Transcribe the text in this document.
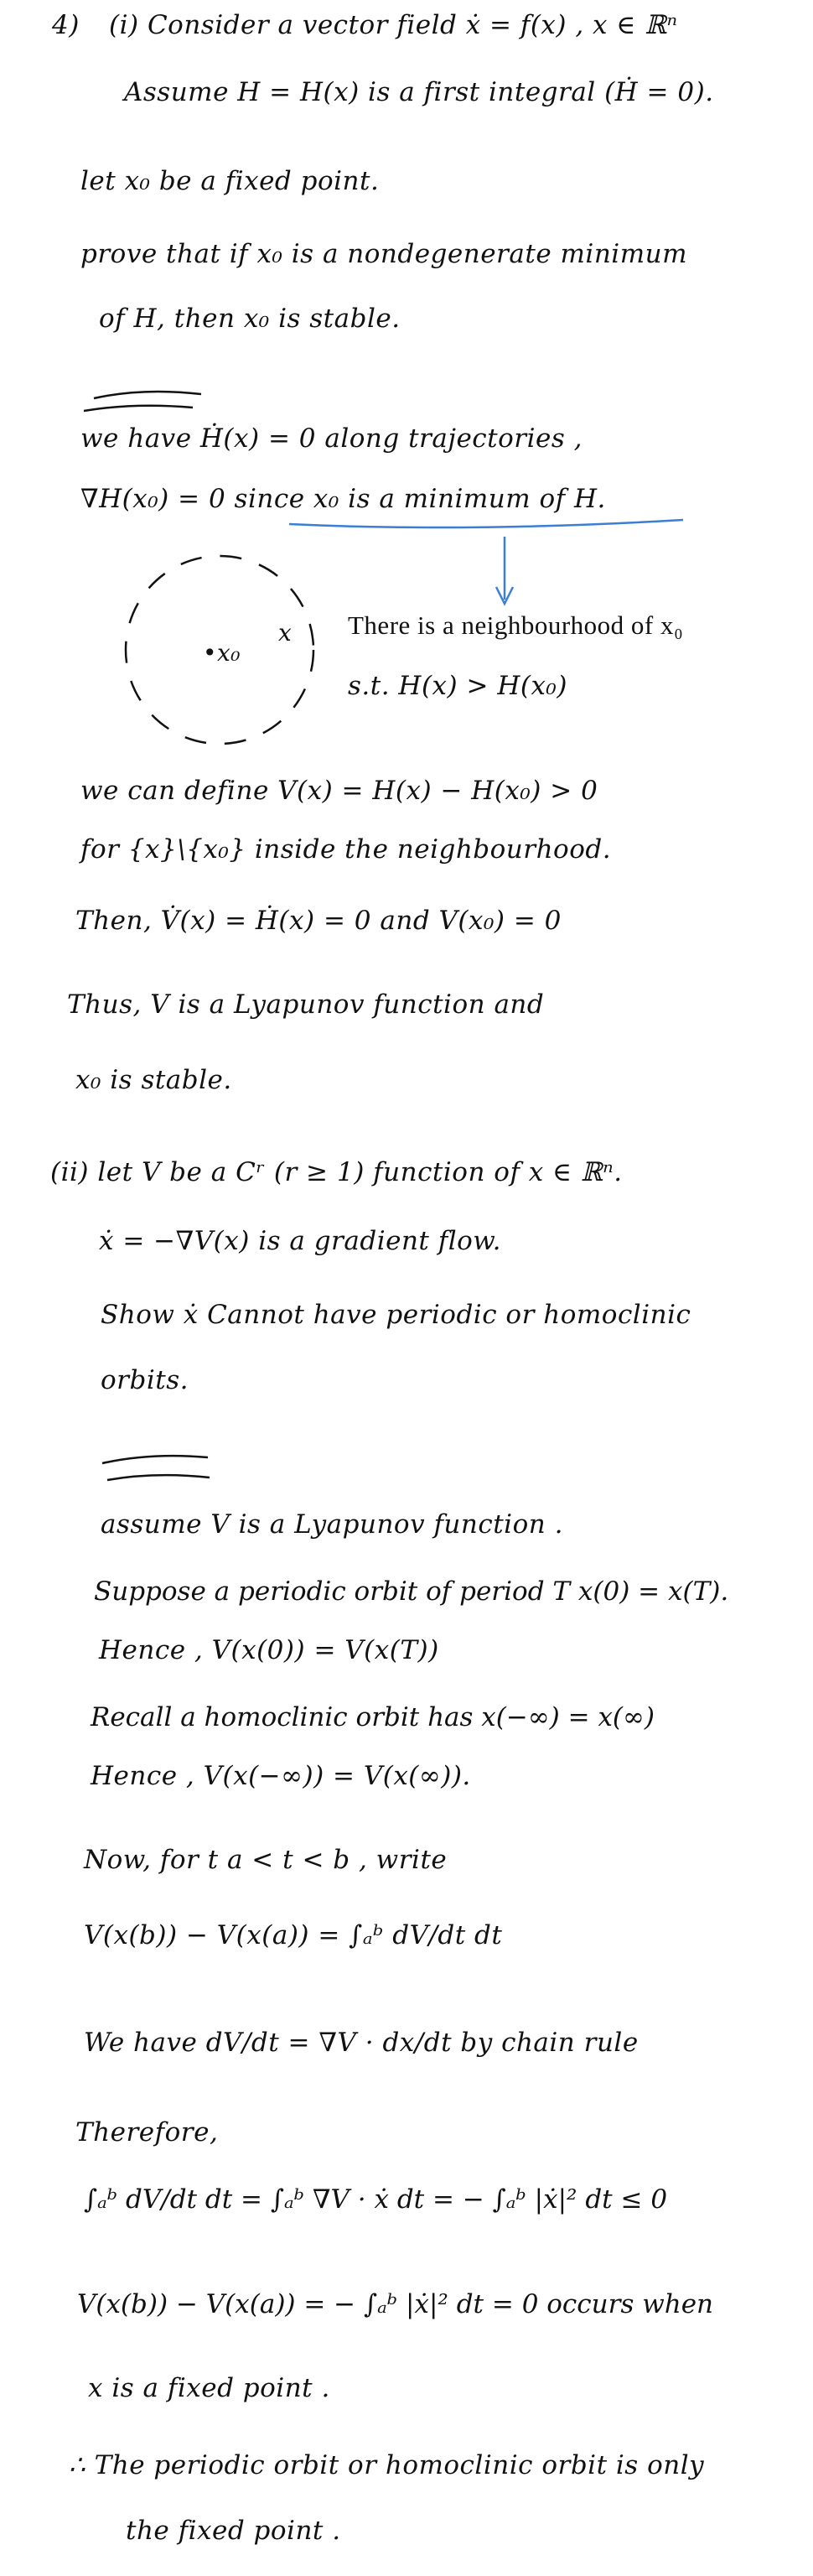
4) (i) Consider a vector field ẋ = f(x) , x ∈ ℝⁿ
Assume H = H(x) is a first integral (Ḣ = 0).
let x₀ be a fixed point.
prove that if x₀ is a nondegenerate minimum
of H, then x₀ is stable.
we have Ḣ(x) = 0 along trajectories ,
∇H(x₀) = 0 since x₀ is a minimum of H.
•x₀
x There is a neighbourhood of x₀
s.t. H(x) > H(x₀)
we can define V(x) = H(x) − H(x₀) > 0
for {x}\{x₀} inside the neighbourhood.
Then, V̇(x) = Ḣ(x) = 0 and V(x₀) = 0
Thus, V is a Lyapunov function and
x₀ is stable.
(ii) let V be a Cʳ (r ≥ 1) function of x ∈ ℝⁿ.
ẋ = −∇V(x) is a gradient flow.
Show ẋ Cannot have periodic or homoclinic
orbits.
assume V is a Lyapunov function .
Suppose a periodic orbit of period T x(0) = x(T).
Hence , V(x(0)) = V(x(T))
Recall a homoclinic orbit has x(−∞) = x(∞)
Hence , V(x(−∞)) = V(x(∞)).
Now, for t a < t < b , write
V(x(b)) − V(x(a)) = ∫ₐᵇ dV/dt dt
We have dV/dt = ∇V · dx/dt by chain rule
Therefore,
∫ₐᵇ dV/dt dt = ∫ₐᵇ ∇V · ẋ dt = − ∫ₐᵇ |ẋ|² dt ≤ 0
V(x(b)) − V(x(a)) = − ∫ₐᵇ |ẋ|² dt = 0 occurs when
x is a fixed point .
∴ The periodic orbit or homoclinic orbit is only
the fixed point .
